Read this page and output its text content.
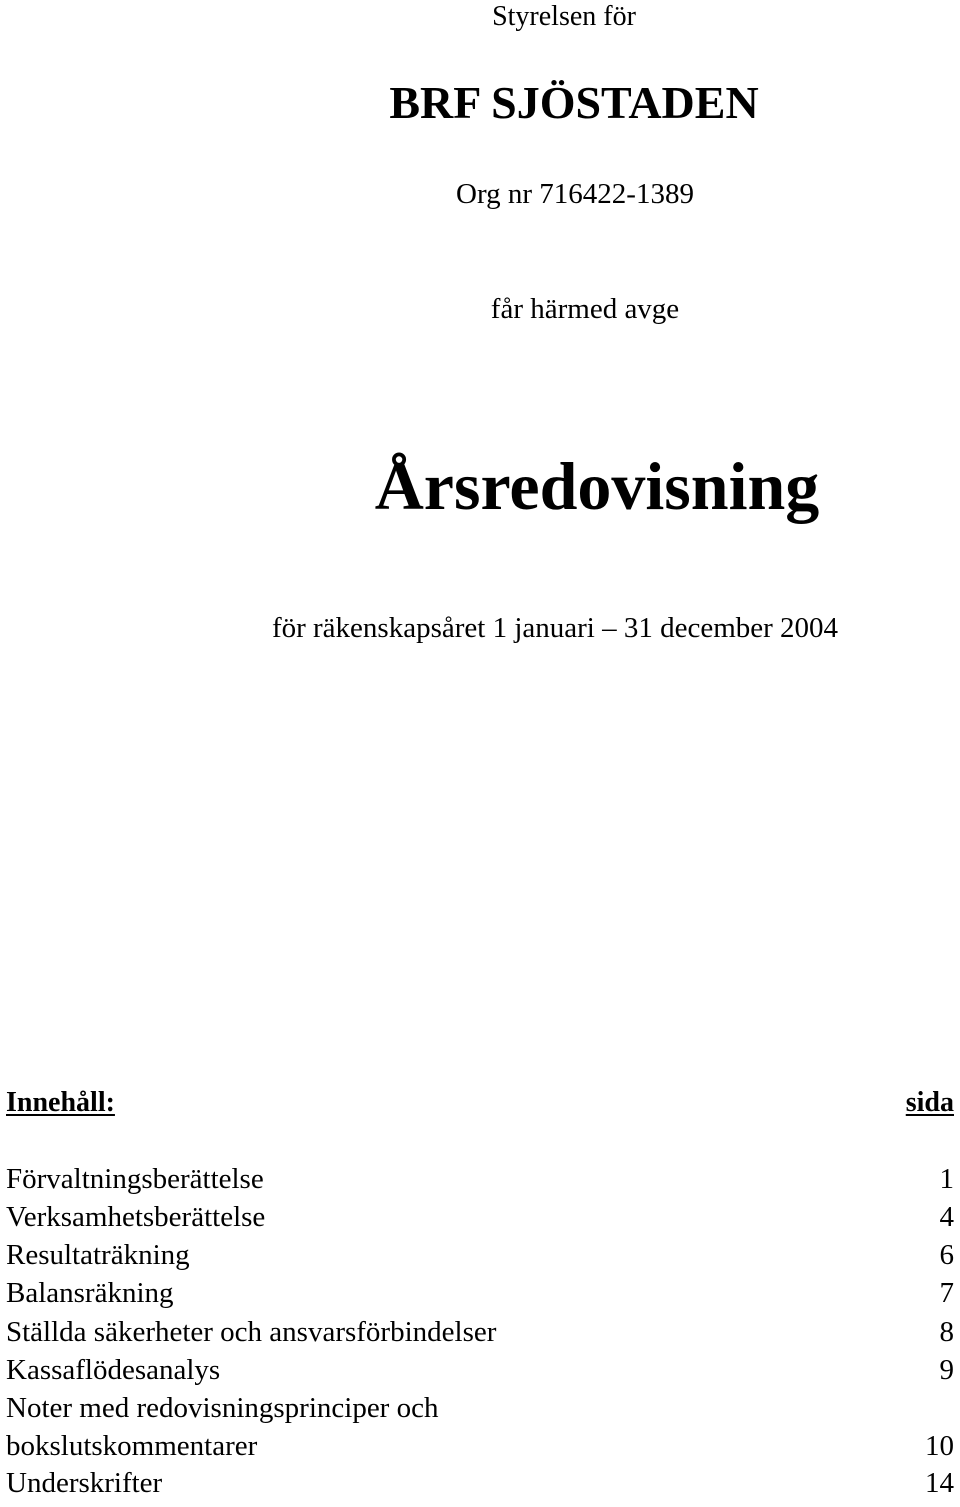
Styrelsen för

BRF SJÖSTADEN

Org nr 716422-1389

får härmed avge

Årsredovisning

för räkenskapsåret 1 januari – 31 december 2004

Innehåll:	sida
Förvaltningsberättelse	1
Verksamhetsberättelse	4
Resultaträkning	6
Balansräkning	7
Ställda säkerheter och ansvarsförbindelser	8
Kassaflödesanalys	9
Noter med redovisningsprinciper och
bokslutskommentarer	10
Underskrifter	14
